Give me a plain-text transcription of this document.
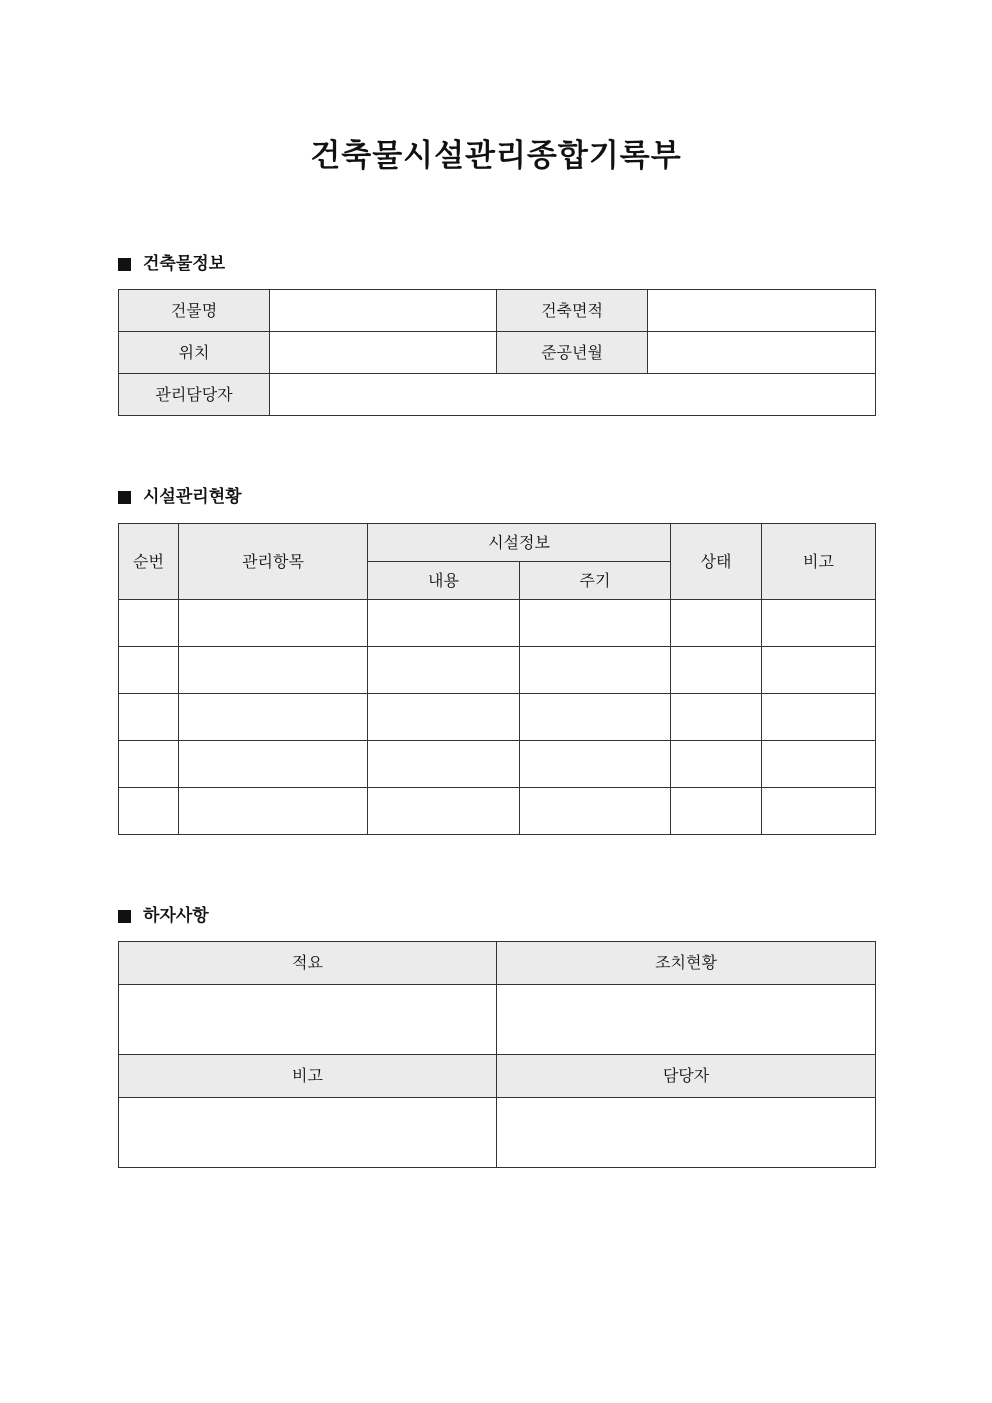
건축물시설관리종합기록부
건축물정보
건물명		건축면적	
위치		준공년월	
관리담당자			
시설관리현황
순번	관리항목	시설정보		상태	비고
		내용	주기		

하자사항
적요	조치현황

비고	담당자
